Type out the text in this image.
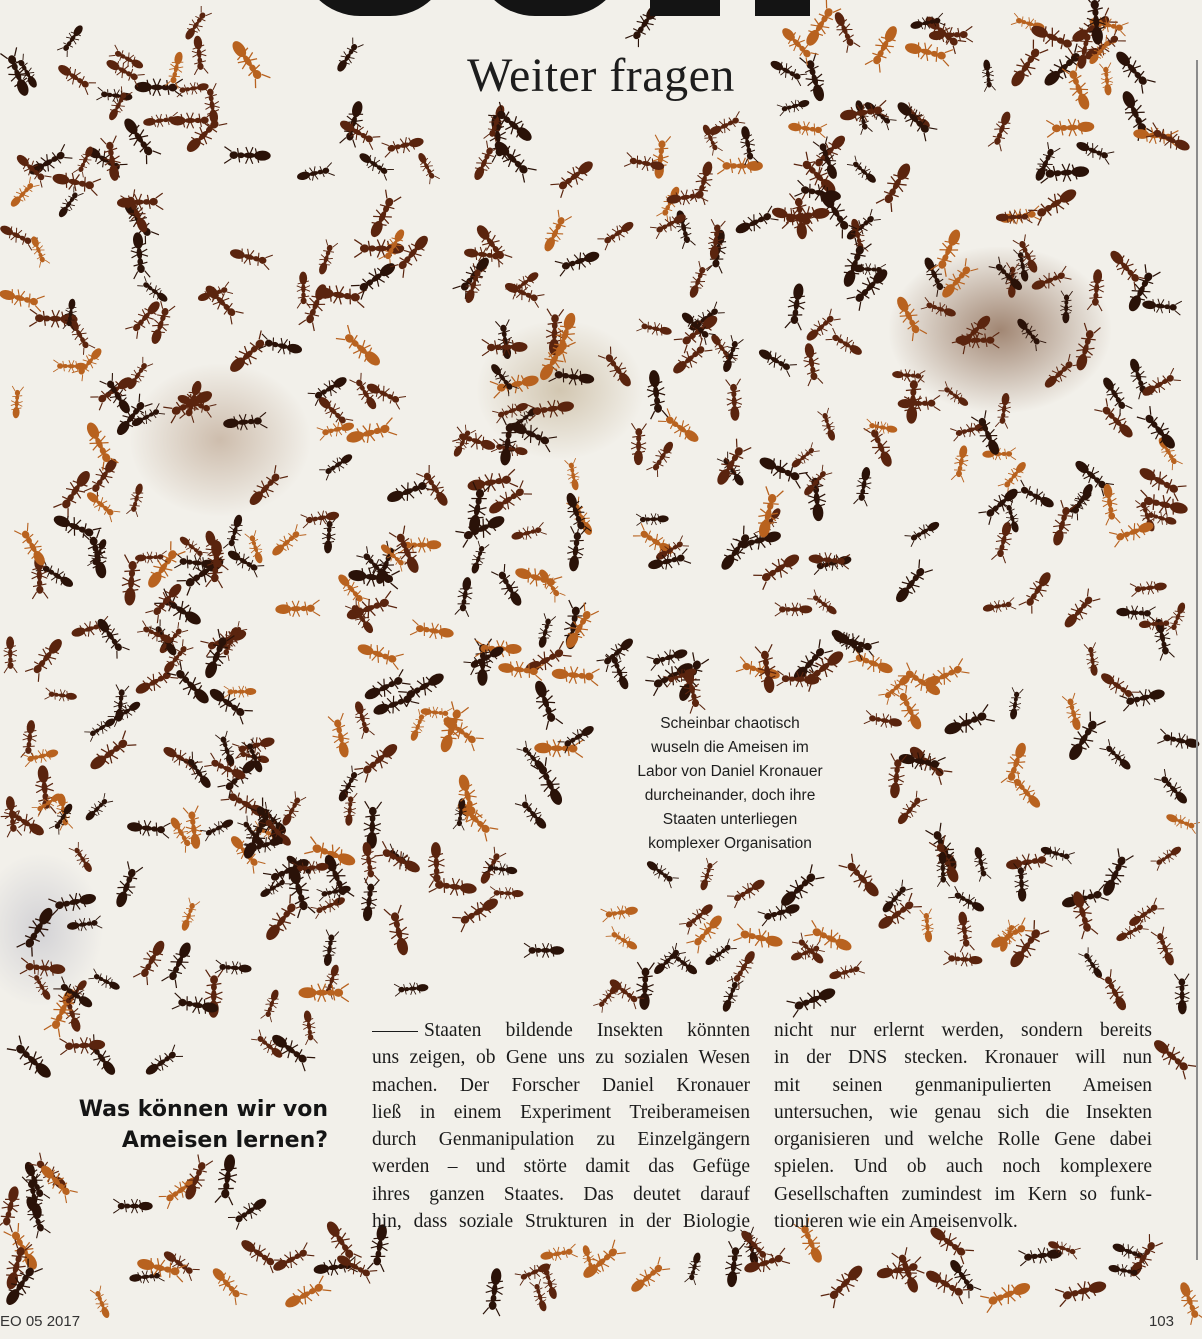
Weiter fragen
Scheinbar chaotisch
wuseln die Ameisen im
Labor von Daniel Kronauer
durcheinander, doch ihre
Staaten unterliegen
komplexer Organisation
Was können wir von
Ameisen lernen?
Staaten bildende Insekten könnten
uns zeigen, ob Gene uns zu sozialen Wesen
machen. Der Forscher Daniel Kronauer
ließ in einem Experiment Treiberameisen
durch Genmanipulation zu Einzelgängern
werden – und störte damit das Gefüge
ihres ganzen Staates. Das deutet darauf
hin, dass soziale Strukturen in der Biologie
nicht nur erlernt werden, sondern bereits
in der DNS stecken. Kronauer will nun
mit seinen genmanipulierten Ameisen
untersuchen, wie genau sich die Insekten
organisieren und welche Rolle Gene dabei
spielen. Und ob auch noch komplexere
Gesellschaften zumindest im Kern so funk-
tionieren wie ein Ameisenvolk.
EO 05 2017	103
